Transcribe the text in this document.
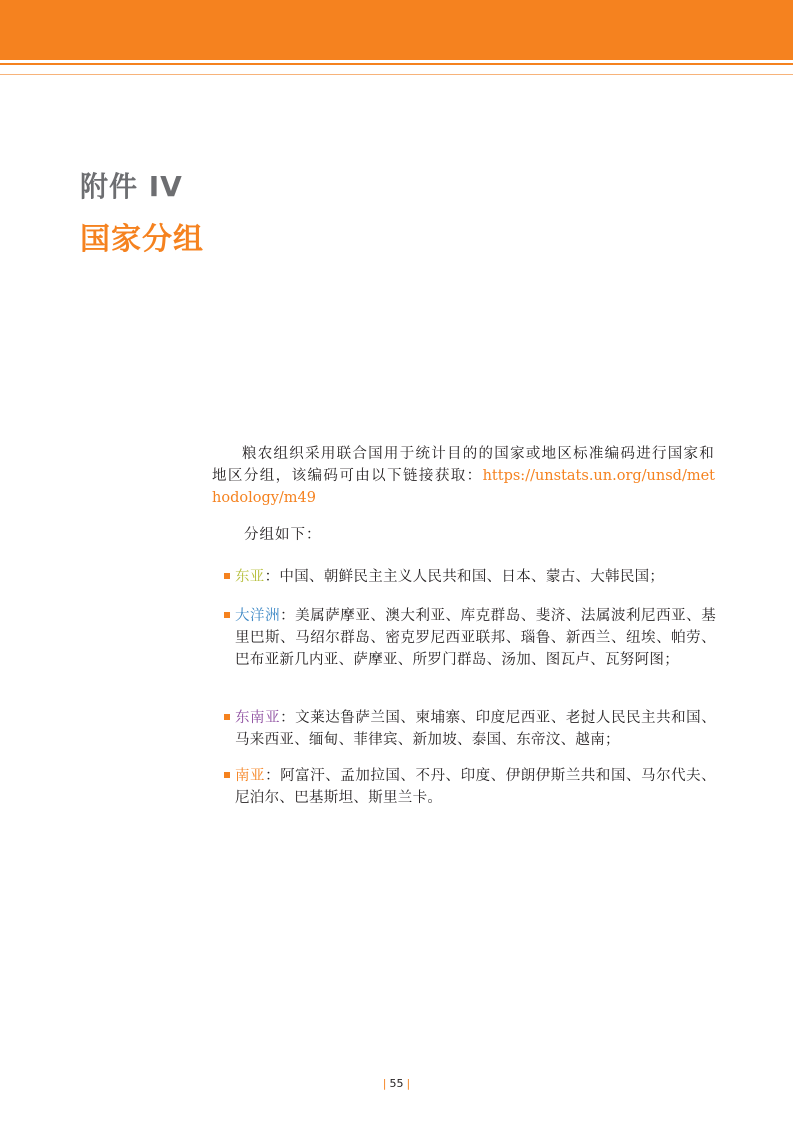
附件 IV
国家分组

粮农组织采用联合国用于统计目的的国家或地区标准编码进行国家和地区分组，该编码可由以下链接获取：https://unstats.un.org/unsd/methodology/m49

分组如下：

东亚：中国、朝鲜民主主义人民共和国、日本、蒙古、大韩民国；
大洋洲：美属萨摩亚、澳大利亚、库克群岛、斐济、法属波利尼西亚、基里巴斯、马绍尔群岛、密克罗尼西亚联邦、瑙鲁、新西兰、纽埃、帕劳、巴布亚新几内亚、萨摩亚、所罗门群岛、汤加、图瓦卢、瓦努阿图；
东南亚：文莱达鲁萨兰国、柬埔寨、印度尼西亚、老挝人民民主共和国、马来西亚、缅甸、菲律宾、新加坡、泰国、东帝汶、越南；
南亚：阿富汗、孟加拉国、不丹、印度、伊朗伊斯兰共和国、马尔代夫、尼泊尔、巴基斯坦、斯里兰卡。
| 55 |
